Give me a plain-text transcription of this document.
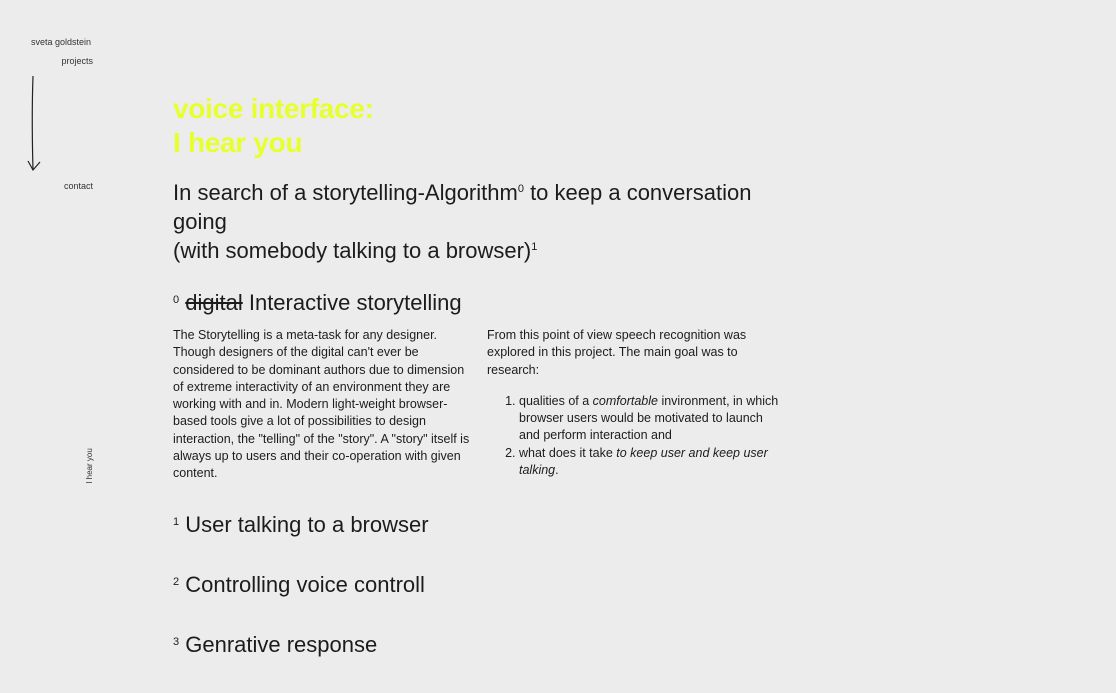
sveta goldstein
projects
contact
I hear you
voice interface:
I hear you

In search of a storytelling-Algorithm$^0$ to keep a conversation going
(with somebody talking to a browser)$^1$

$^0$ digital Interactive storytelling

The Storytelling is a meta-task for any designer. Though designers of the digital can't ever be considered to be dominant authors due to dimension of extreme interactivity of an environment they are working with and in. Modern light-weight browser-based tools give a lot of possibilities to design interaction, the "telling" of the "story". A "story" itself is always up to users and their co-operation with given content.

From this point of view speech recognition was explored in this project. The main goal was to research:

1. qualities of a comfortable invironment, in which browser users would be motivated to launch and perform interaction and
2. what does it take to keep user and keep user talking.
$^1$ User talking to a browser
$^2$ Controlling voice controll
$^3$ Genrative response
